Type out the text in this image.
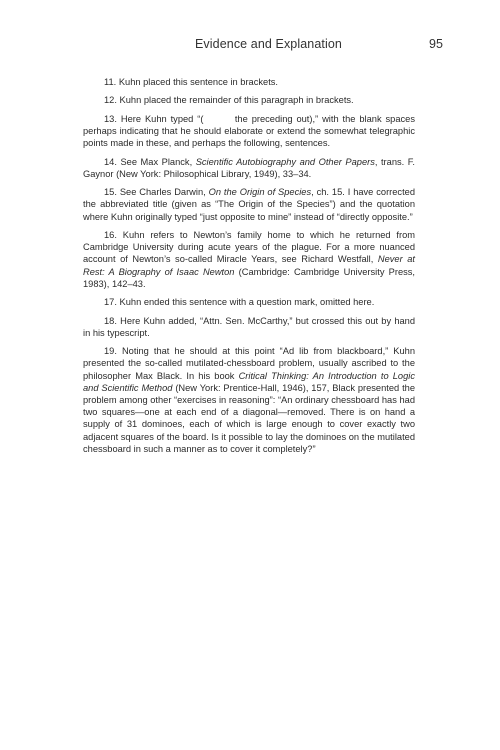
Evidence and Explanation	95

11. Kuhn placed this sentence in brackets.

12. Kuhn placed the remainder of this paragraph in brackets.

13. Here Kuhn typed “(        the preceding out),” with the blank spaces perhaps indicating that he should elaborate or extend the somewhat telegraphic points made in these, and perhaps the following, sentences.

14. See Max Planck, Scientific Autobiography and Other Papers, trans. F. Gaynor (New York: Philosophical Library, 1949), 33–34.

15. See Charles Darwin, On the Origin of Species, ch. 15. I have corrected the abbreviated title (given as “The Origin of the Species”) and the quotation where Kuhn originally typed “just opposite to mine” instead of “directly opposite.”

16. Kuhn refers to Newton’s family home to which he returned from Cambridge University during acute years of the plague. For a more nuanced account of Newton’s so-called Miracle Years, see Richard Westfall, Never at Rest: A Biography of Isaac Newton (Cambridge: Cambridge University Press, 1983), 142–43.

17. Kuhn ended this sentence with a question mark, omitted here.

18. Here Kuhn added, “Attn. Sen. McCarthy,” but crossed this out by hand in his typescript.

19. Noting that he should at this point “Ad lib from blackboard,” Kuhn presented the so-called mutilated-chessboard problem, usually ascribed to the philosopher Max Black. In his book Critical Thinking: An Introduction to Logic and Scientific Method (New York: Prentice-Hall, 1946), 157, Black presented the problem among other “exercises in reasoning”: “An ordinary chessboard has had two squares—one at each end of a diagonal—removed. There is on hand a supply of 31 dominoes, each of which is large enough to cover exactly two adjacent squares of the board. Is it possible to lay the dominoes on the mutilated chessboard in such a manner as to cover it completely?”
